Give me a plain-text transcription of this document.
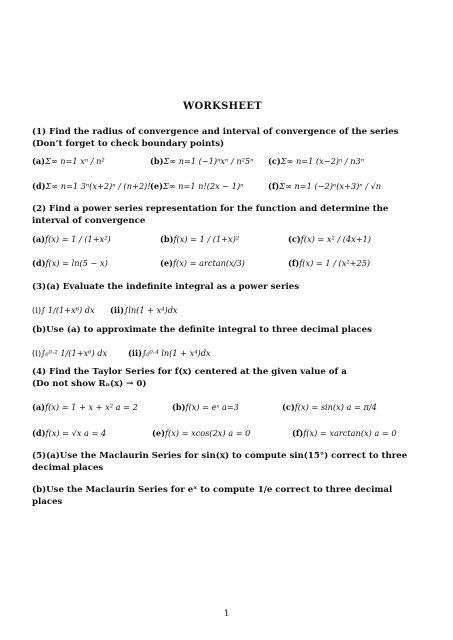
WORKSHEET
(1) Find the radius of convergence and interval of convergence of the series
(Don’t forget to check boundary points)
(a)Σ∞ n=1 xⁿ / n²	(b)Σ∞ n=1 (−1)ⁿxⁿ / n²5ⁿ	(c)Σ∞ n=1 (x−2)ⁿ / n3ⁿ
(d)Σ∞ n=1 3ⁿ(x+2)ⁿ / (n+2)! (e)Σ∞ n=1 n!(2x − 1)ⁿ	(f)Σ∞ n=1 (−2)ⁿ(x+3)ⁿ / √n
(2) Find a power series representation for the function and determine the
interval of convergence
(a)f(x) = 1 / (1+x²)	(b)f(x) = 1 / (1+x)²	(c)f(x) = x² / (4x+1)
(d)f(x) = ln(5 − x)	(e)f(x) = arctan(x/3)	(f)f(x) = 1 / (x²+25)
(3)(a) Evaluate the indefinite integral as a power series
(i)∫ 1/(1+x⁶) dx	(ii)∫ln(1 + x⁴)dx
(b)Use (a) to approximate the definite integral to three decimal places
(i)∫₀⁰·² 1/(1+x⁶) dx	(ii)∫₀⁰·⁴ ln(1 + x⁴)dx
(4) Find the Taylor Series for f(x) centered at the given value of a
(Do not show Rₙ(x) → 0)
(a)f(x) = 1 + x + x² a = 2	(b)f(x) = eˣ a=3	(c)f(x) = sin(x) a = π/4
(d)f(x) = √x a = 4	(e)f(x) = xcos(2x) a = 0	(f)f(x) = xarctan(x) a = 0
(5)(a)Use the Maclaurin Series for sin(x) to compute sin(15°) correct to three
decimal places
(b)Use the Maclaurin Series for eˣ to compute 1/e correct to three decimal
places
1
